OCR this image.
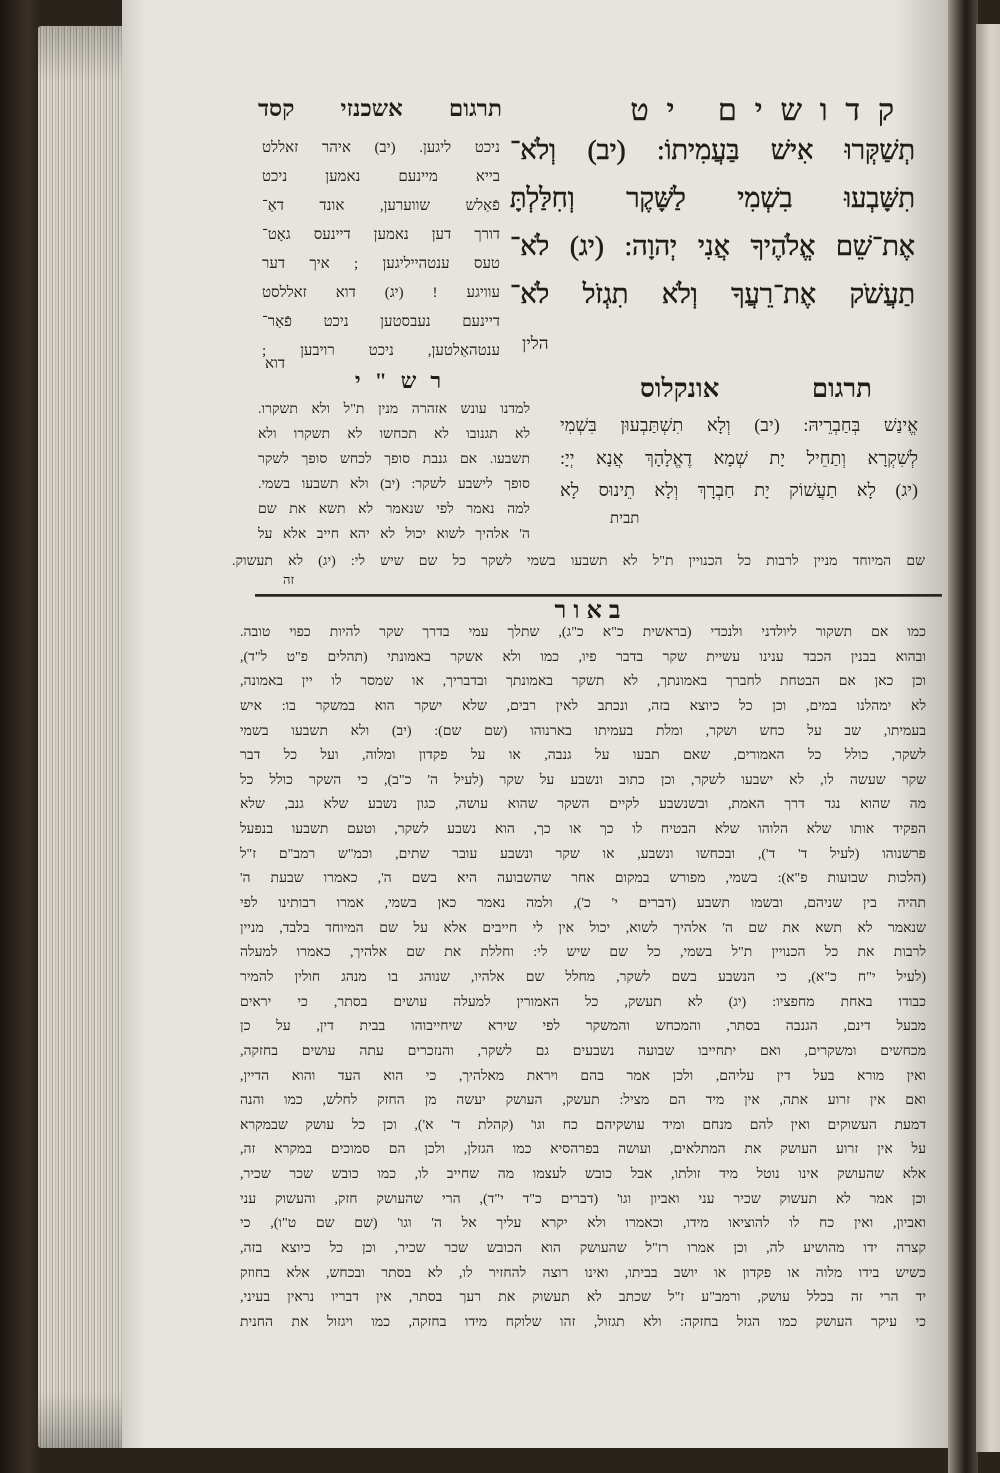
קדושים יט
תרגום אשכנזי קסד
תְשַׁקְּרוּ אִישׁ בַּעֲמִיתוֹ: (יב) וְלֹא־
תִשָּׁבְעוּ בִשְׁמִי לַשָּׁקֶר וְחִלַּלְתָּ
אֶת־שֵׁם אֱלֹהֶיךָ אֲנִי יְהוָה: (יג) לֹא־
תַעֲשֹׁק אֶת־רֵעֲךָ וְלֹא תִגְזֹל לֹא־
הלין
ניכט ליגען. (יב) איהר זאללט
בייא מיינעם נאמען ניכט
פֿאַלש שווערען, אונד דאַ־
דורך דען נאמען דיינעס גאָט־
טעס ענטהייליגען ; איך דער
עוויגע ! (יג) דוא זאללסט
דיינעם נעבסטען ניכט פֿאַר־
ענטהאַלטען, ניכט רויבען ;
דוא
תרגום אונקלוס
אֱינַשׁ בְּחַבְרֵיהּ: (יב) וְלָא תִשְׁתַּבְעוּן בִּשְׁמִי
לְשִׁקְרָא וְתַחֵיל יָת שְׁמָא דֶאֱלָהָךְ אֲנָא יְיָ:
(יג) לָא תַעֲשׁוֹק יָת חַבְרָךְ וְלָא תֵינוּס לָא
תבית
רש"י
למדנו עונש אזהרה מנין ת"ל ולא תשקרו.
לא תגנובו לא תכחשו לא תשקרו ולא
תשבעו. אם גנבת סופך לכחש סופך לשקר
סופך לישבע לשקר: (יב) ולא תשבעו בשמי.
למה נאמר לפי שנאמר לא תשא את שם
ה' אלהיך לשוא יכול לא יהא חייב אלא על
שם המיוחד מניין לרבות כל הכנויין ת"ל לא תשבעו בשמי לשקר כל שם שיש לי: (יג) לא תעשוק.
זה
באור
כמו אם תשקור ליולדני ולנכדי (בראשית כ"א כ"ג), שתלך עמי בדרך שקר להיות כפוי טובה.
ובהוא בבנין הכבד ענינו עשיית שקר בדבר פיו, כמו ולא אשקר באמונתי (תהלים פ"ט ל"ד),
וכן כאן אם הבטחת לחברך באמונתך, לא תשקר באמונתך ובדבריך, או שמסר לו יין באמונה,
לא ימהלנו במים, וכן כל כיוצא בזה, ונכתב לאין רבים, שלא ישקר הוא במשקר בו: איש
בעמיתו, שב על כחש ושקר, ומלת בעמיתו בארנוהו (שם שם): (יב) ולא תשבעו בשמי
לשקר, כולל כל האמורים, שאם תבעו על גנבה, או על פקדון ומלוה, ועל כל דבר
שקר שעשה לו, לא ישבעו לשקר, וכן כתוב ונשבע על שקר (לעיל ה' כ"ב), כי השקר כולל כל
מה שהוא נגד דרך האמת, ובשנשבע לקיים השקר שהוא עושה, כגון נשבע שלא גנב, שלא
הפקיד אותו שלא הלוהו שלא הבטיח לו כך או כך, הוא נשבע לשקר, וטעם תשבעו בנפעל
פרשנוהו (לעיל ד' ד'), ובכחשו ונשבע, או שקר ונשבע עובר שתים, וכמ"ש רמב"ם ז"ל
(הלכות שבועות פ"א): בשמי, מפורש במקום אחר שהשבועה היא בשם ה', כאמרו שבעת ה'
תהיה בין שניהם, ובשמו תשבע (דברים י' כ'), ולמה נאמר כאן בשמי, אמרו רבותינו לפי
שנאמר לא תשא את שם ה' אלהיך לשוא, יכול אין לי חייבים אלא על שם המיוחד בלבד, מניין
לרבות את כל הכנויין ת"ל בשמי, כל שם שיש לי: וחללת את שם אלהיך, כאמרו למעלה
(לעיל י"ח כ"א), כי הנשבע בשם לשקר, מחלל שם אלהיו, שנוהג בו מנהג חולין להמיר
כבודו באחת מחפציו: (יג) לא תעשק, כל האמורין למעלה עושים בסתר, כי יראים
מבעל דינם, הגנבה בסתר, והמכחש והמשקר לפי שירא שיחייבוהו בבית דין, על כן
מכחשים ומשקרים, ואם יתחייבו שבועה נשבעים גם לשקר, והנזכרים עתה עושים בחזקה,
ואין מורא בעל דין עליהם, ולכן אמר בהם ויראת מאלהיך, כי הוא העד והוא הדיין,
ואם אין זרוע אתה, אין מיד הם מציל: תעשק, העושק יעשה מן החזק לחלש, כמו והנה
דמעת העשוקים ואין להם מנחם ומיד עושקיהם כח וגו' (קהלת ד' א'), וכן כל עושק שבמקרא
על אין זרוע העושק את המתלאים, ועושה בפרהסיא כמו הגזלן, ולכן הם סמוכים במקרא זה,
אלא שהעושק אינו נוטל מיד זולתו, אבל כובש לעצמו מה שחייב לו, כמו כובש שכר שכיר,
וכן אמר לא תעשוק שכיר עני ואביון וגו' (דברים כ"ד י"ד), הרי שהעושק חזק, והעשוק עני
ואביון, ואין כח לו להוציאו מידו, וכאמרו ולא יקרא עליך אל ה' וגו' (שם שם ט"ו), כי
קצרה ידו מהושיע לה, וכן אמרו רז"ל שהעושק הוא הכובש שכר שכיר, וכן כל כיוצא בזה,
כשיש בידו מלוה או פקדון או יושב בביתו, ואינו רוצה להחזיר לו, לא בסתר ובכחש, אלא בחוזק
יד הרי זה בכלל עושק, ורמב"ע ז"ל שכתב לא תעשוק את רעך בסתר, אין דבריו נראין בעיני,
כי עיקר העושק כמו הגזל בחזקה: ולא תגזול, זהו שלוקח מידו בחזקה, כמו ויגזול את החנית
